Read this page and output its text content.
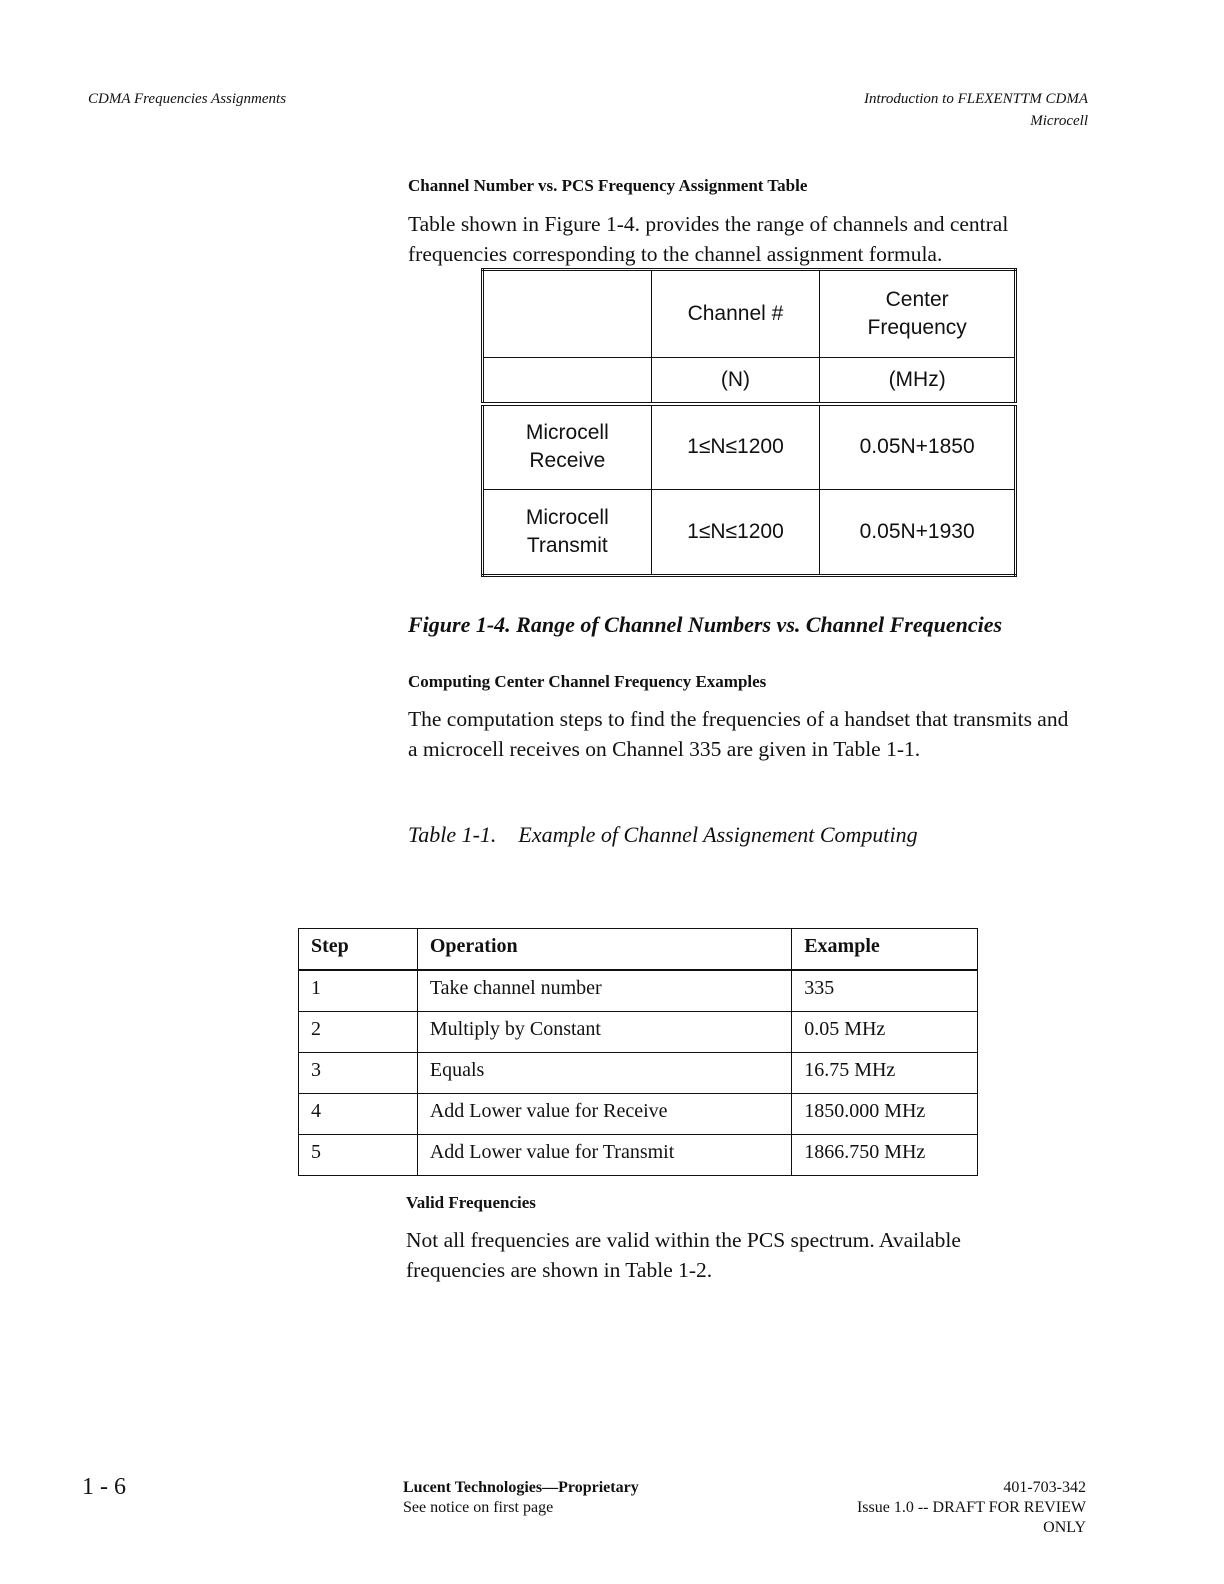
CDMA Frequencies Assignments	Introduction to FLEXENTTM CDMA
Microcell
Channel Number vs. PCS Frequency Assignment Table
Table shown in Figure 1-4. provides the range of channels and central frequencies corresponding to the channel assignment formula.
	Channel #	Center Frequency

	(N)	(MHz)

Microcell Receive	1≤N≤1200	0.05N+1850

Microcell Transmit	1≤N≤1200	0.05N+1930
Figure 1-4. Range of Channel Numbers vs. Channel Frequencies
Computing Center Channel Frequency Examples
The computation steps to find the frequencies of a handset that transmits and a microcell receives on Channel 335 are given in Table 1-1.
Table 1-1.    Example of Channel Assignement Computing
Step	Operation	Example
1	Take channel number	335
2	Multiply by Constant	0.05 MHz
3	Equals	16.75 MHz
4	Add Lower value for Receive	1850.000 MHz
5	Add Lower value for Transmit	1866.750 MHz
Valid Frequencies
Not all frequencies are valid within the PCS spectrum. Available frequencies are shown in Table 1-2.
1 - 6	Lucent Technologies—Proprietary
See notice on first page
401-703-342
Issue 1.0 -- DRAFT FOR REVIEW
ONLY
